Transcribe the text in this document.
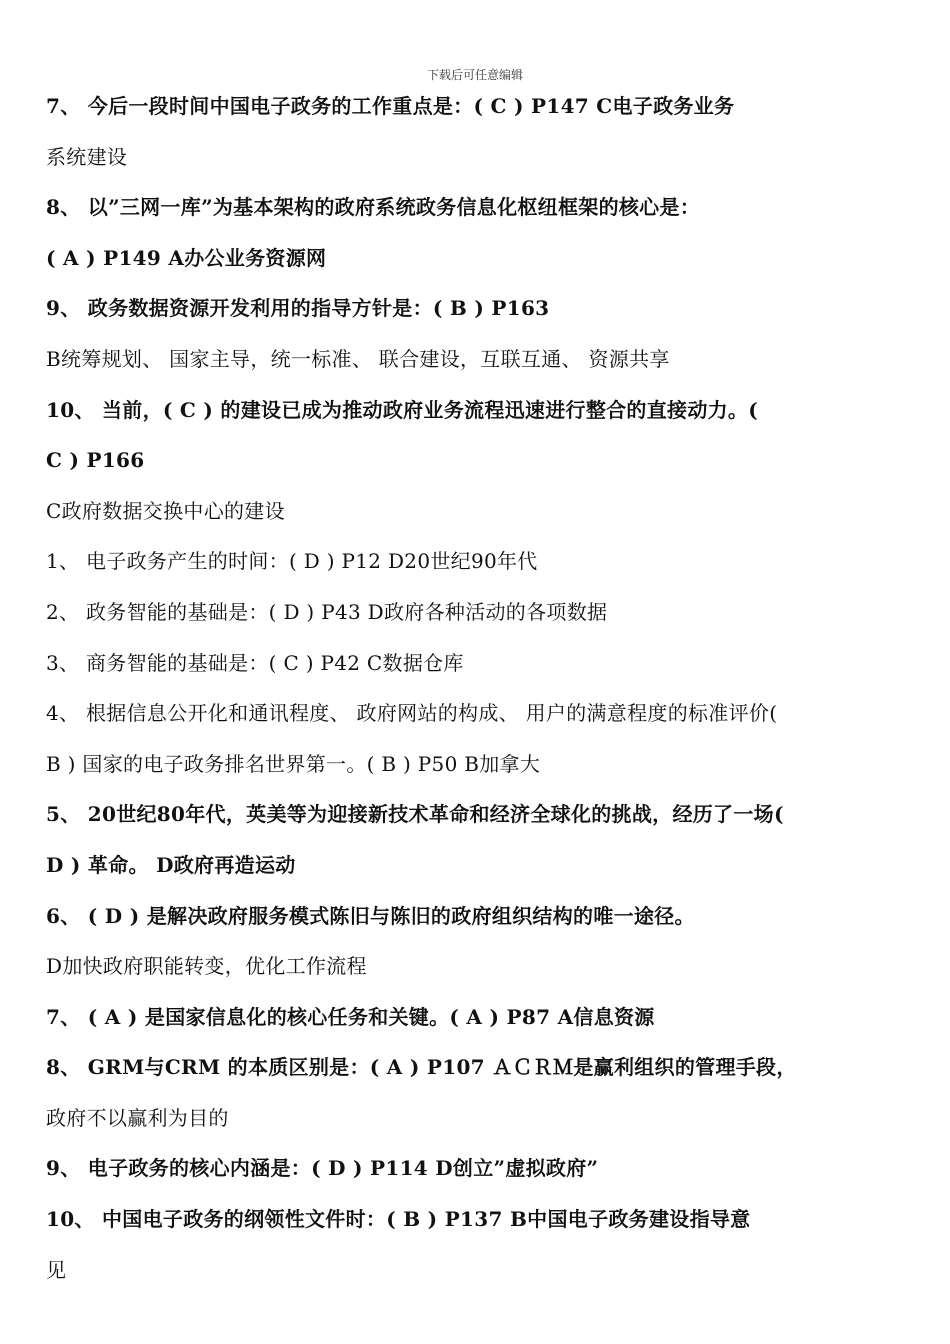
下载后可任意编辑
7、 今后一段时间中国电子政务的工作重点是：( C ) P147 C电子政务业务
系统建设
8、 以”三网一库”为基本架构的政府系统政务信息化枢纽框架的核心是：
( A ) P149 A办公业务资源网
9、 政务数据资源开发利用的指导方针是：( B ) P163
B统筹规划、 国家主导，统一标准、 联合建设，互联互通、 资源共享
10、 当前，( C ) 的建设已成为推动政府业务流程迅速进行整合的直接动力。(
C ) P166
C政府数据交换中心的建设
1、 电子政务产生的时间：( D ) P12 D20世纪90年代
2、 政务智能的基础是：( D ) P43 D政府各种活动的各项数据
3、 商务智能的基础是：( C ) P42 C数据仓库
4、 根据信息公开化和通讯程度、 政府网站的构成、 用户的满意程度的标准评价(
B ) 国家的电子政务排名世界第一。( B ) P50 B加拿大
5、 20世纪80年代，英美等为迎接新技术革命和经济全球化的挑战，经历了一场(
D ) 革命。 D政府再造运动
6、 ( D ) 是解决政府服务模式陈旧与陈旧的政府组织结构的唯一途径。
D加快政府职能转变，优化工作流程
7、 ( A ) 是国家信息化的核心任务和关键。( A ) P87 A信息资源
8、 GRM与CRM 的本质区别是：( A ) P107 ＡＣＲＭ是赢利组织的管理手段，
政府不以赢利为目的
9、 电子政务的核心内涵是：( D ) P114 D创立”虚拟政府”
10、 中国电子政务的纲领性文件时：( B ) P137 B中国电子政务建设指导意
见
